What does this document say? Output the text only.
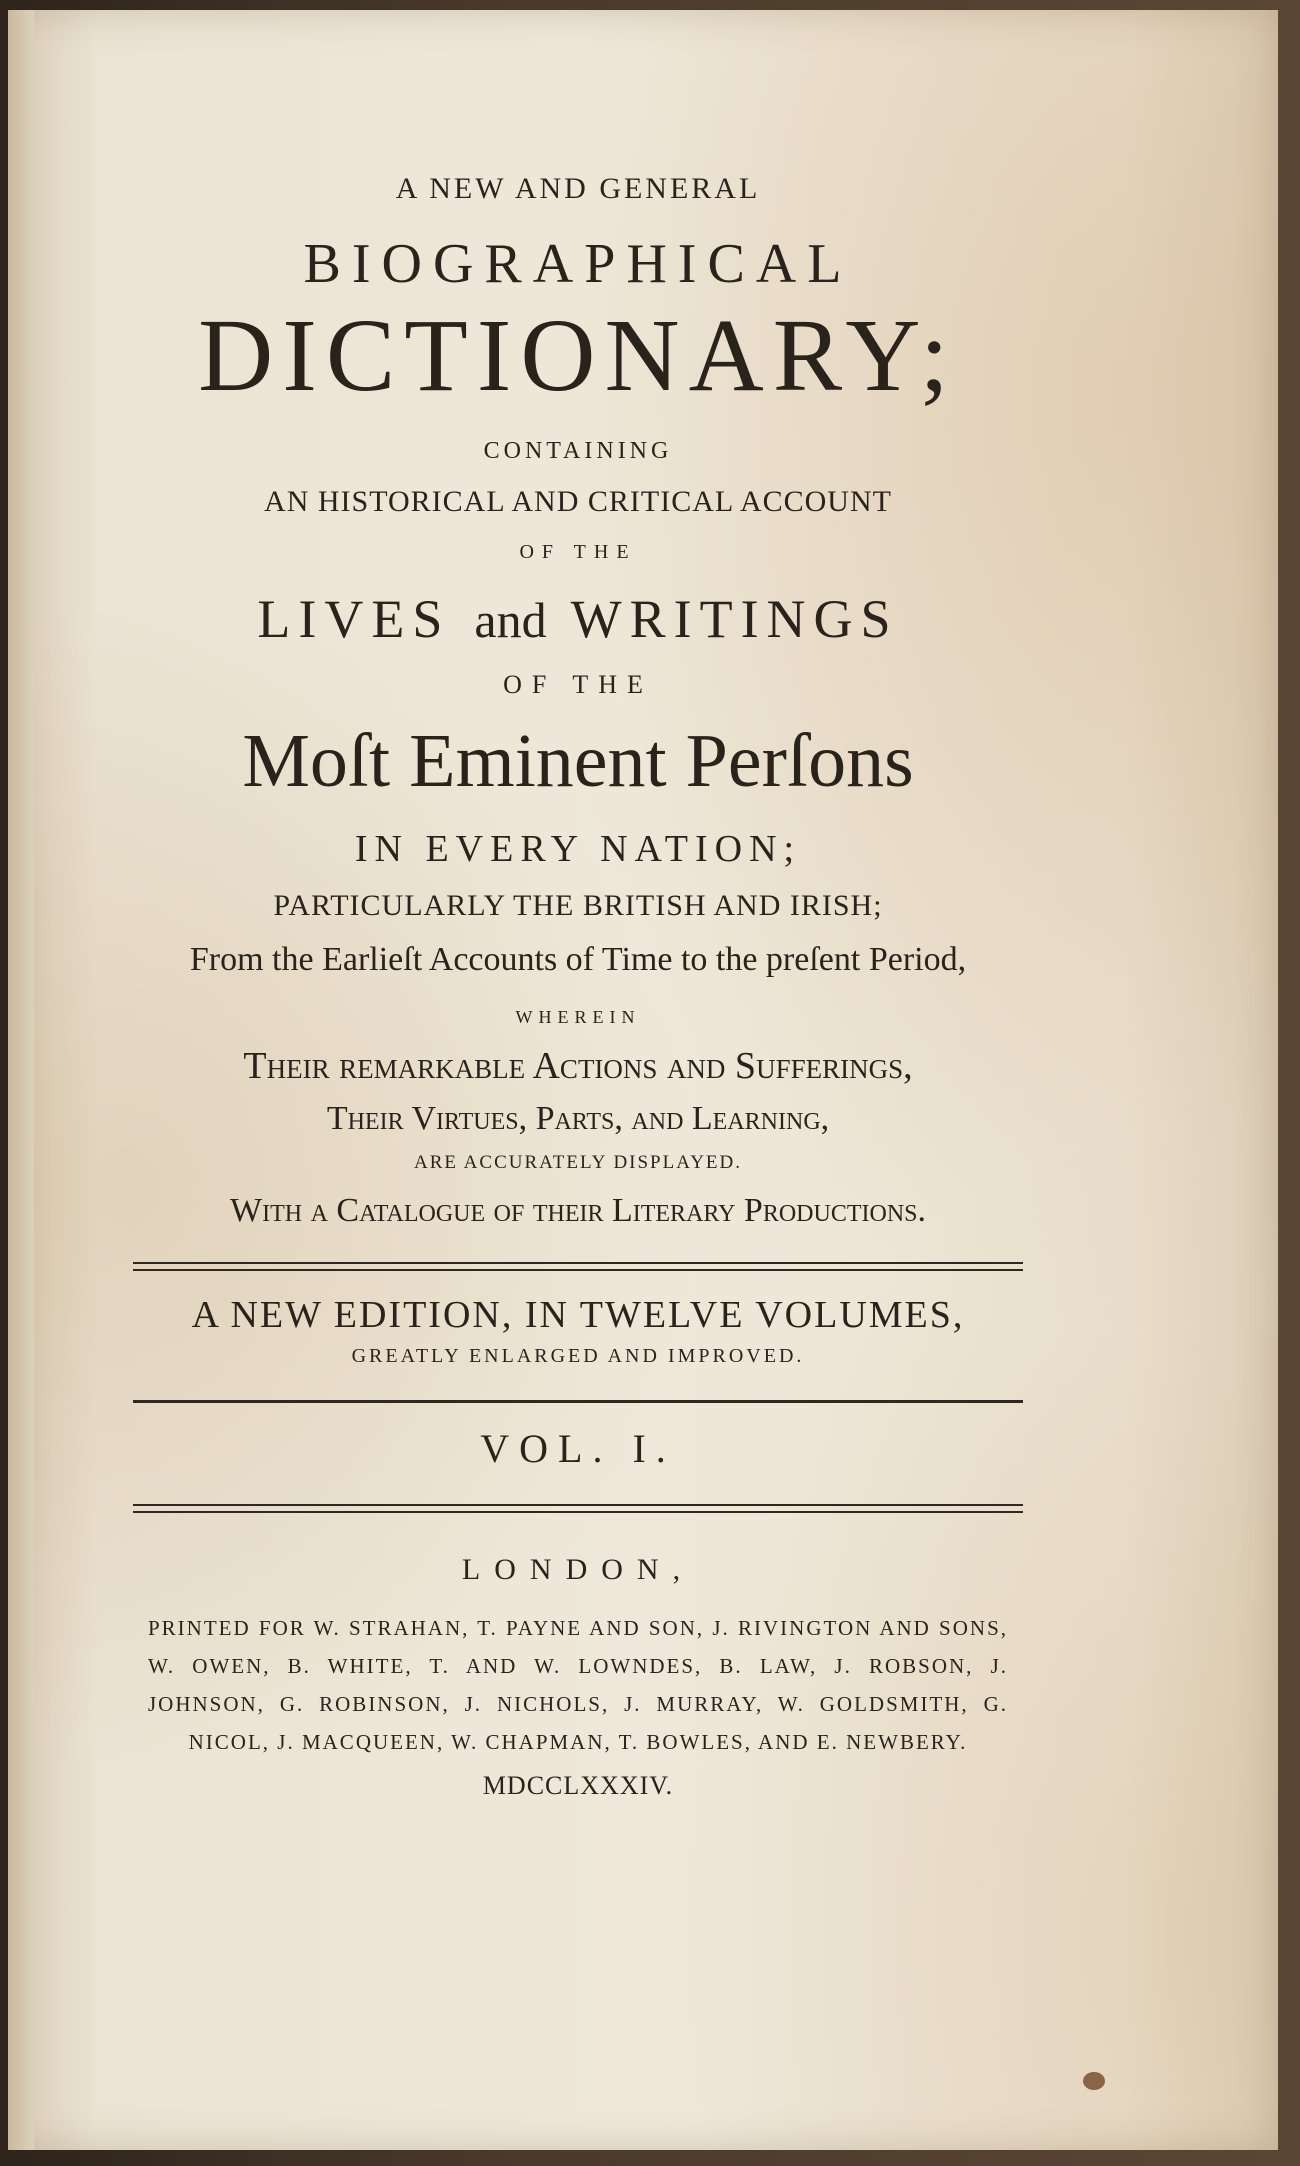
A NEW AND GENERAL
BIOGRAPHICAL
DICTIONARY;
CONTAINING
AN HISTORICAL AND CRITICAL ACCOUNT
OF THE
LIVES and WRITINGS
OF THE
Moſt Eminent Perſons
IN EVERY NATION;
PARTICULARLY THE BRITISH AND IRISH;
From the Earlieſt Accounts of Time to the preſent Period,
WHEREIN
Their remarkable Actions and Sufferings,
Their Virtues, Parts, and Learning,
ARE ACCURATELY DISPLAYED.
With a Catalogue of their Literary Productions.
A NEW EDITION, IN TWELVE VOLUMES,
GREATLY ENLARGED AND IMPROVED.
VOL. I.
LONDON,
PRINTED FOR W. STRAHAN, T. PAYNE AND SON, J. RIVINGTON AND SONS, W. OWEN, B. WHITE, T. AND W. LOWNDES, B. LAW, J. ROBSON, J. JOHNSON, G. ROBINSON, J. NICHOLS, J. MURRAY, W. GOLDSMITH, G. NICOL, J. MACQUEEN, W. CHAPMAN, T. BOWLES, AND E. NEWBERY.
MDCCLXXXIV.
